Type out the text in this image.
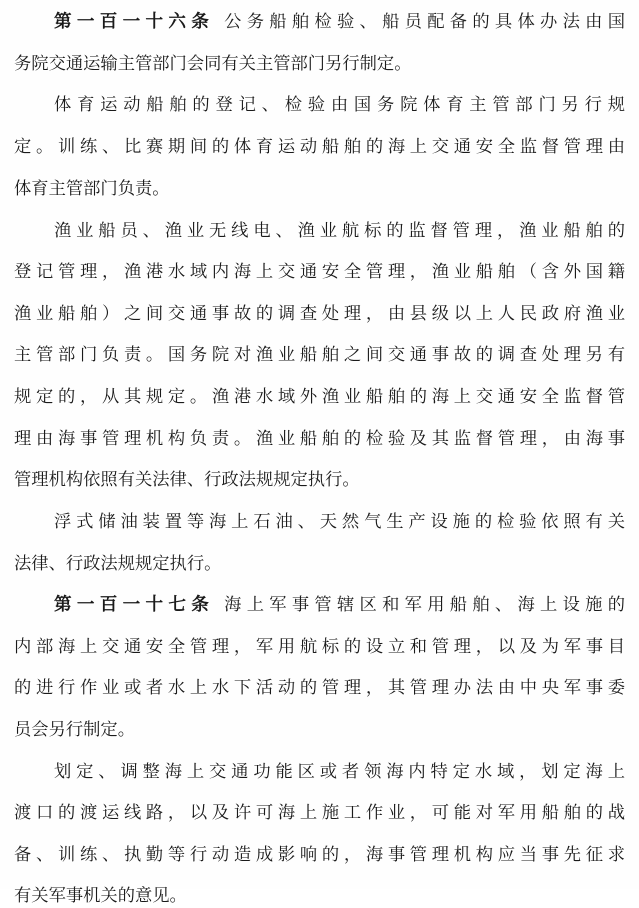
第一百一十六条 公务船舶检验、船员配备的具体办法由国
务院交通运输主管部门会同有关主管部门另行制定。
体育运动船舶的登记、检验由国务院体育主管部门另行规
定。训练、比赛期间的体育运动船舶的海上交通安全监督管理由
体育主管部门负责。
渔业船员、渔业无线电、渔业航标的监督管理，渔业船舶的
登记管理，渔港水域内海上交通安全管理，渔业船舶（含外国籍
渔业船舶）之间交通事故的调查处理，由县级以上人民政府渔业
主管部门负责。国务院对渔业船舶之间交通事故的调查处理另有
规定的，从其规定。渔港水域外渔业船舶的海上交通安全监督管
理由海事管理机构负责。渔业船舶的检验及其监督管理，由海事
管理机构依照有关法律、行政法规规定执行。
浮式储油装置等海上石油、天然气生产设施的检验依照有关
法律、行政法规规定执行。
第一百一十七条 海上军事管辖区和军用船舶、海上设施的
内部海上交通安全管理，军用航标的设立和管理，以及为军事目
的进行作业或者水上水下活动的管理，其管理办法由中央军事委
员会另行制定。
划定、调整海上交通功能区或者领海内特定水域，划定海上
渡口的渡运线路，以及许可海上施工作业，可能对军用船舶的战
备、训练、执勤等行动造成影响的，海事管理机构应当事先征求
有关军事机关的意见。
